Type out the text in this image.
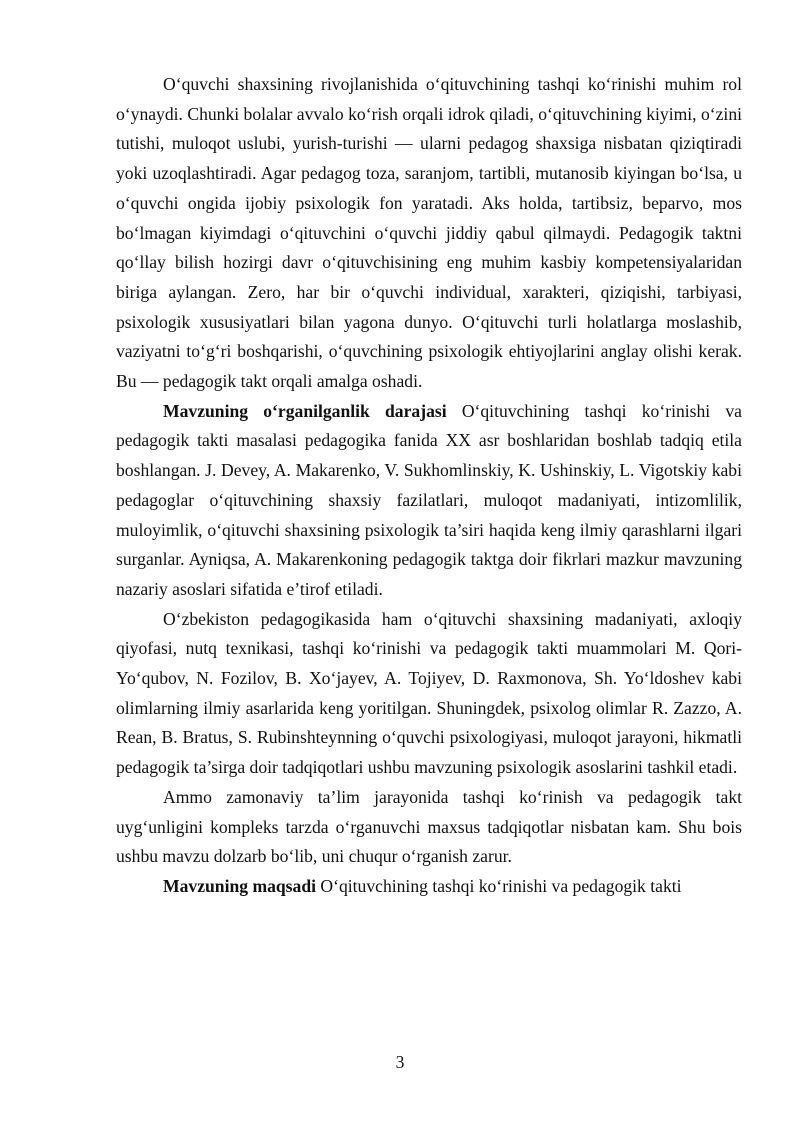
O‘quvchi shaxsining rivojlanishida o‘qituvchining tashqi ko‘rinishi muhim rol o‘ynaydi. Chunki bolalar avvalo ko‘rish orqali idrok qiladi, o‘qituvchining kiyimi, o‘zini tutishi, muloqot uslubi, yurish-turishi — ularni pedagog shaxsiga nisbatan qiziqtiradi yoki uzoqlashtiradi. Agar pedagog toza, saranjom, tartibli, mutanosib kiyingan bo‘lsa, u o‘quvchi ongida ijobiy psixologik fon yaratadi. Aks holda, tartibsiz, beparvo, mos bo‘lmagan kiyimdagi o‘qituvchini o‘quvchi jiddiy qabul qilmaydi. Pedagogik taktni qo‘llay bilish hozirgi davr o‘qituvchisining eng muhim kasbiy kompetensiyalaridan biriga aylangan. Zero, har bir o‘quvchi individual, xarakteri, qiziqishi, tarbiyasi, psixologik xususiyatlari bilan yagona dunyo. O‘qituvchi turli holatlarga moslashib, vaziyatni to‘g‘ri boshqarishi, o‘quvchining psixologik ehtiyojlarini anglay olishi kerak. Bu — pedagogik takt orqali amalga oshadi.

Mavzuning o‘rganilganlik darajasi O‘qituvchining tashqi ko‘rinishi va pedagogik takti masalasi pedagogika fanida XX asr boshlaridan boshlab tadqiq etila boshlangan. J. Devey, A. Makarenko, V. Sukhomlinskiy, K. Ushinskiy, L. Vigotskiy kabi pedagoglar o‘qituvchining shaxsiy fazilatlari, muloqot madaniyati, intizomlilik, muloyimlik, o‘qituvchi shaxsining psixologik ta’siri haqida keng ilmiy qarashlarni ilgari surganlar. Ayniqsa, A. Makarenkoning pedagogik taktga doir fikrlari mazkur mavzuning nazariy asoslari sifatida e’tirof etiladi.

O‘zbekiston pedagogikasida ham o‘qituvchi shaxsining madaniyati, axloqiy qiyofasi, nutq texnikasi, tashqi ko‘rinishi va pedagogik takti muammolari M. Qori-Yo‘qubov, N. Fozilov, B. Xo‘jayev, A. Tojiyev, D. Raxmonova, Sh. Yo‘ldoshev kabi olimlarning ilmiy asarlarida keng yoritilgan. Shuningdek, psixolog olimlar R. Zazzo, A. Rean, B. Bratus, S. Rubinshteynning o‘quvchi psixologiyasi, muloqot jarayoni, hikmatli pedagogik ta’sirga doir tadqiqotlari ushbu mavzuning psixologik asoslarini tashkil etadi.

Ammo zamonaviy ta’lim jarayonida tashqi ko‘rinish va pedagogik takt uyg‘unligini kompleks tarzda o‘rganuvchi maxsus tadqiqotlar nisbatan kam. Shu bois ushbu mavzu dolzarb bo‘lib, uni chuqur o‘rganish zarur.

Mavzuning maqsadi O‘qituvchining tashqi ko‘rinishi va pedagogik takti

3
